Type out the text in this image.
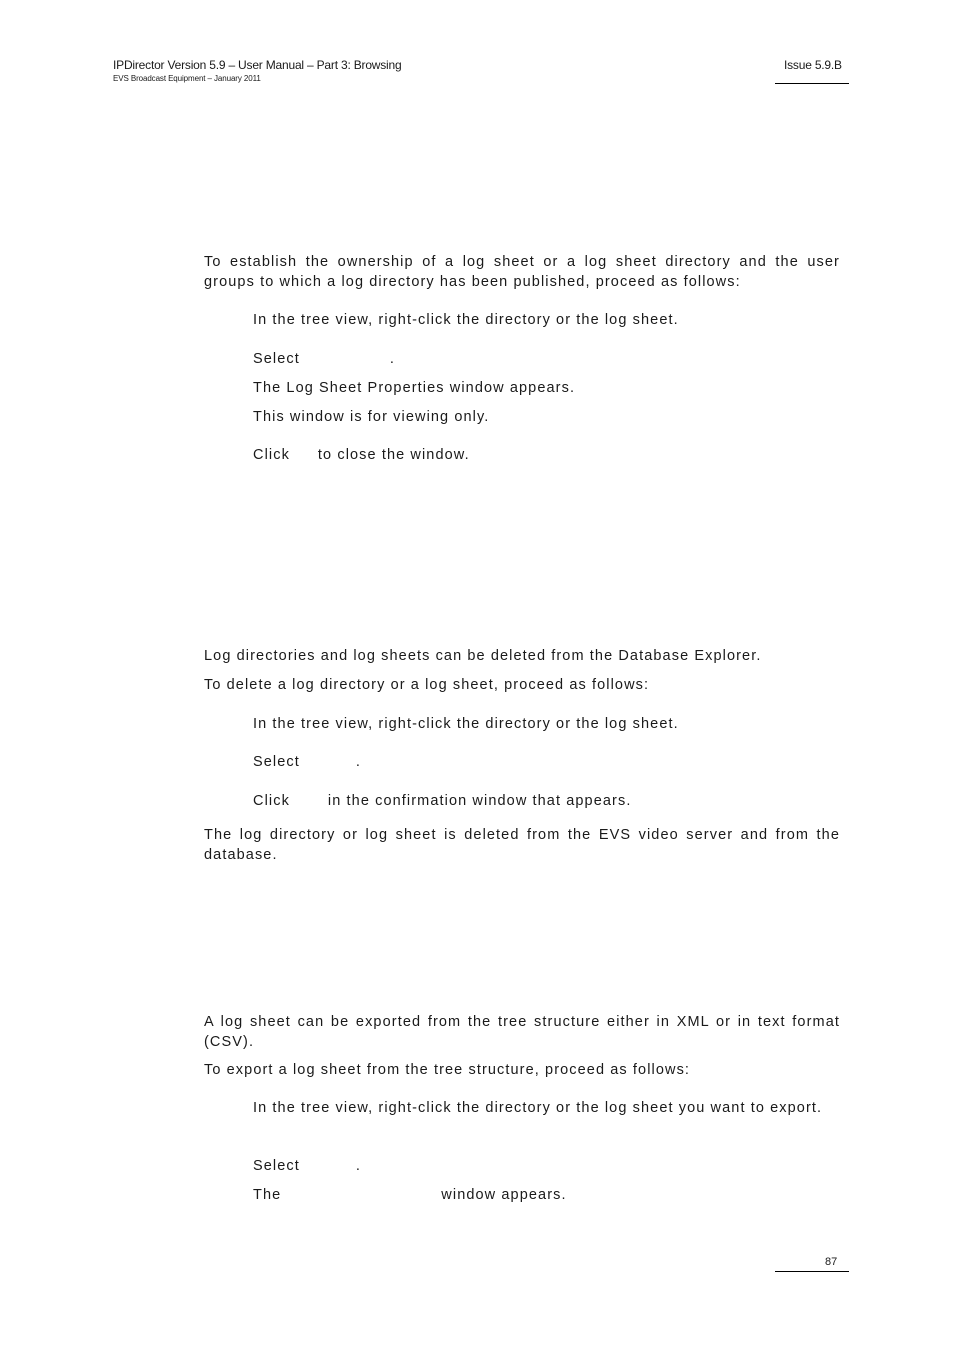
IPDirector Version 5.9 – User Manual – Part 3: Browsing
EVS Broadcast Equipment – January 2011
Issue 5.9.B
To establish the ownership of a log sheet or a log sheet directory and the user groups to which a log directory has been published, proceed as follows:
In the tree view, right-click the directory or the log sheet.
Select	.
The Log Sheet Properties window appears.
This window is for viewing only.
Click to close the window.
Log directories and log sheets can be deleted from the Database Explorer.
To delete a log directory or a log sheet, proceed as follows:
In the tree view, right-click the directory or the log sheet.
Select	.
Click	in the confirmation window that appears.
The log directory or log sheet is deleted from the EVS video server and from the database.
A log sheet can be exported from the tree structure either in XML or in text format (CSV).
To export a log sheet from the tree structure, proceed as follows:
In the tree view, right-click the directory or the log sheet you want to export.
Select	.
The	window appears.
87
